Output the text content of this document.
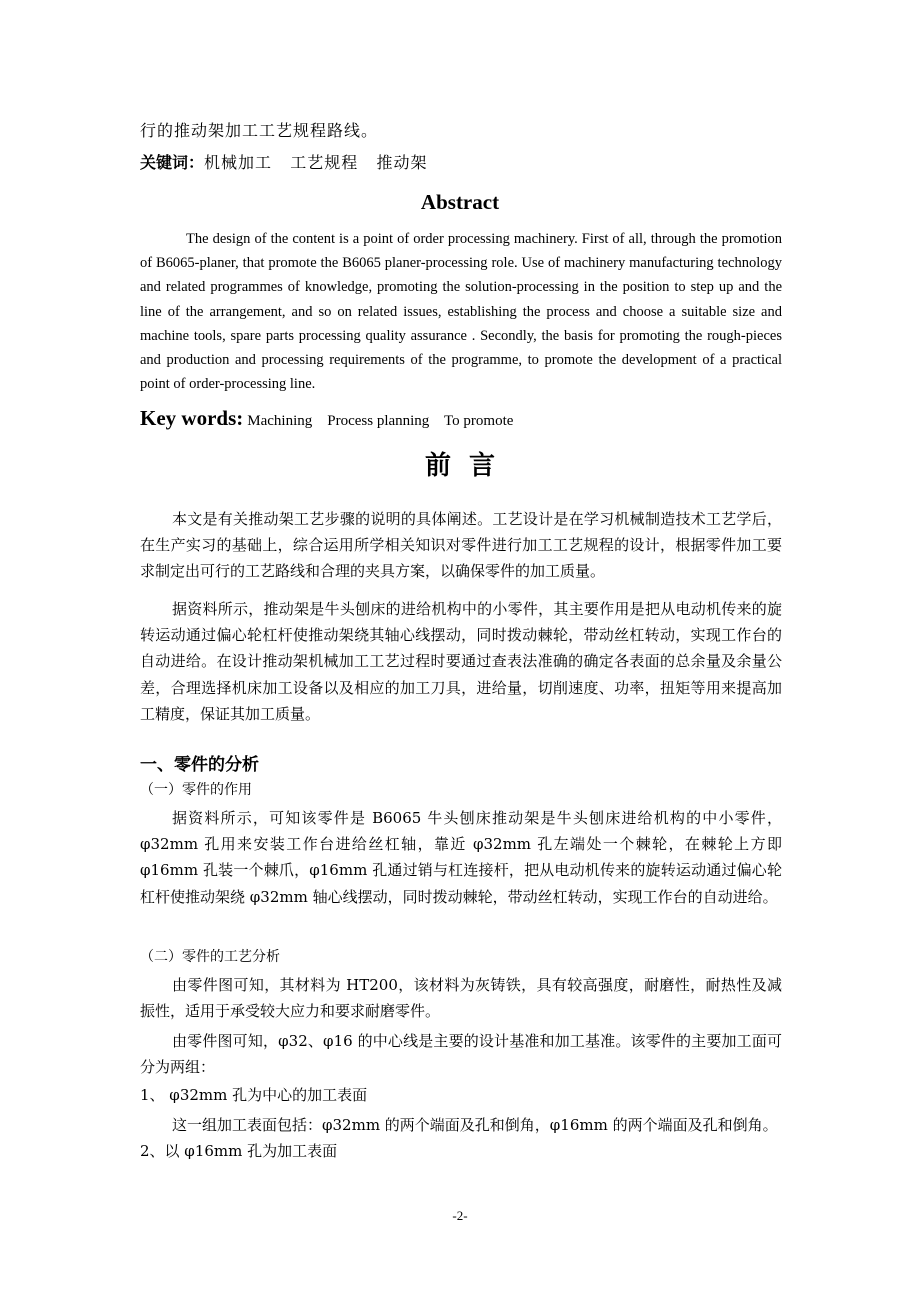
行的推动架加工工艺规程路线。
关键词：机械加工   工艺规程   推动架
Abstract
The design of the content is a point of order processing machinery. First of all, through the promotion of B6065-planer, that promote the B6065 planer-processing role. Use of machinery manufacturing technology and related programmes of knowledge, promoting the solution-processing in the position to step up and the line of the arrangement, and so on related issues, establishing the process and choose a suitable size and machine tools, spare parts processing quality assurance . Secondly, the basis for promoting the rough-pieces and production and processing requirements of the programme, to promote the development of a practical point of order-processing line.
Key words: Machining    Process planning    To promote
前  言
本文是有关推动架工艺步骤的说明的具体阐述。工艺设计是在学习机械制造技术工艺学后，在生产实习的基础上，综合运用所学相关知识对零件进行加工工艺规程的设计，根据零件加工要求制定出可行的工艺路线和合理的夹具方案，以确保零件的加工质量。
据资料所示，推动架是牛头刨床的进给机构中的小零件，其主要作用是把从电动机传来的旋转运动通过偏心轮杠杆使推动架绕其轴心线摆动，同时拨动棘轮，带动丝杠转动，实现工作台的自动进给。在设计推动架机械加工工艺过程时要通过查表法准确的确定各表面的总余量及余量公差，合理选择机床加工设备以及相应的加工刀具，进给量，切削速度、功率，扭矩等用来提高加工精度，保证其加工质量。
一、零件的分析
（一）零件的作用
据资料所示，可知该零件是 B6065 牛头刨床推动架是牛头刨床进给机构的中小零件，φ32mm 孔用来安装工作台进给丝杠轴，靠近 φ32mm 孔左端处一个棘轮，在棘轮上方即 φ16mm 孔装一个棘爪，φ16mm 孔通过销与杠连接杆，把从电动机传来的旋转运动通过偏心轮杠杆使推动架绕 φ32mm 轴心线摆动，同时拨动棘轮，带动丝杠转动，实现工作台的自动进给。
（二）零件的工艺分析
由零件图可知，其材料为 HT200，该材料为灰铸铁，具有较高强度，耐磨性，耐热性及减振性，适用于承受较大应力和要求耐磨零件。
由零件图可知，φ32、φ16 的中心线是主要的设计基准和加工基准。该零件的主要加工面可分为两组：
1、 φ32mm 孔为中心的加工表面
这一组加工表面包括：φ32mm 的两个端面及孔和倒角，φ16mm 的两个端面及孔和倒角。
2、以 φ16mm 孔为加工表面
-2-
